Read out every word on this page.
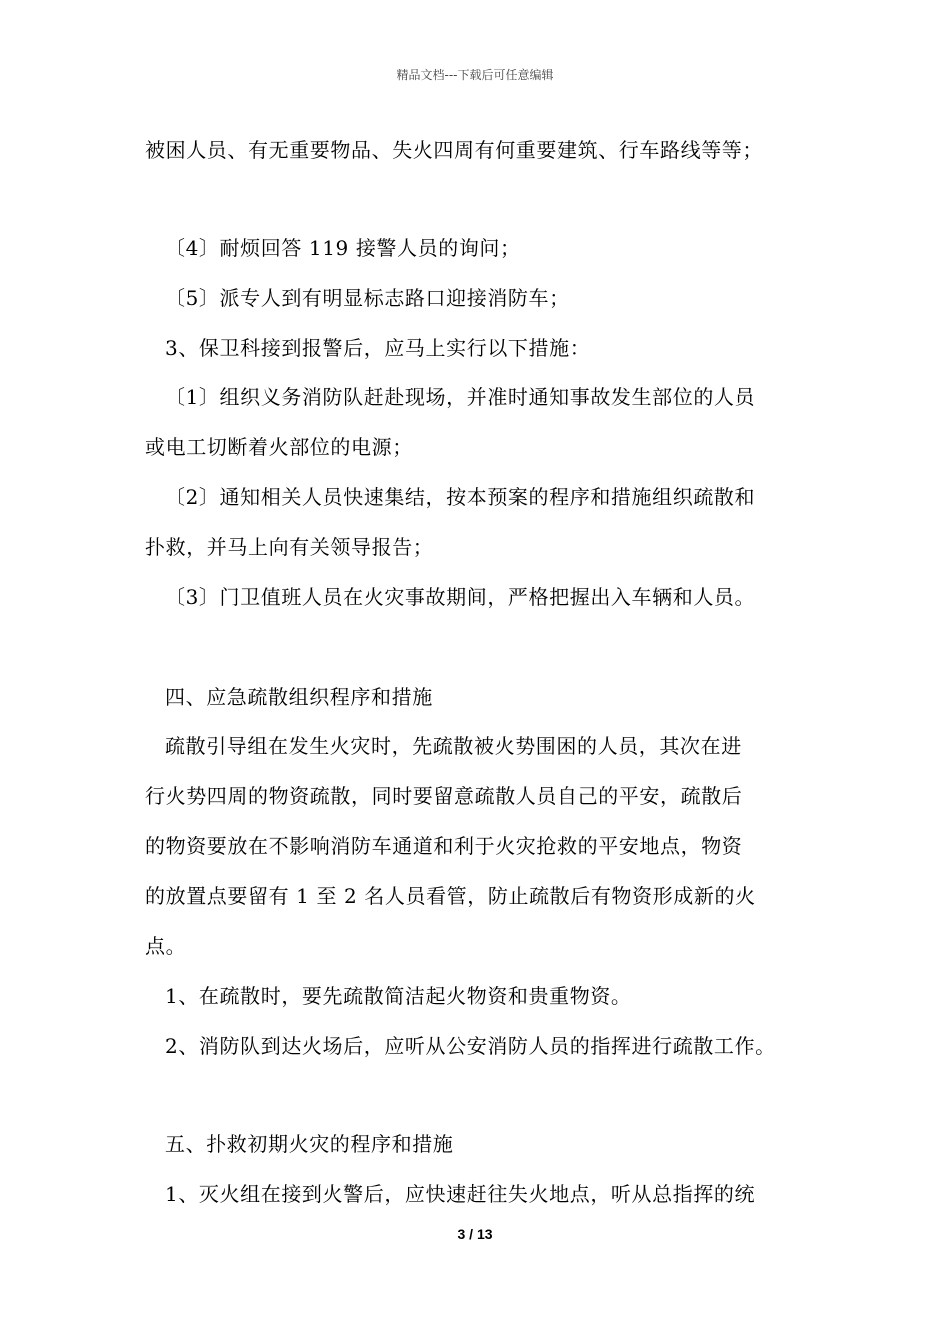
精品文档---下载后可任意编辑
被困人员、有无重要物品、失火四周有何重要建筑、行车路线等等；
〔4〕耐烦回答 119 接警人员的询问；
〔5〕派专人到有明显标志路口迎接消防车；
3、保卫科接到报警后，应马上实行以下措施：
〔1〕组织义务消防队赶赴现场，并准时通知事故发生部位的人员
或电工切断着火部位的电源；
〔2〕通知相关人员快速集结，按本预案的程序和措施组织疏散和
扑救，并马上向有关领导报告；
〔3〕门卫值班人员在火灾事故期间，严格把握出入车辆和人员。
四、应急疏散组织程序和措施
疏散引导组在发生火灾时，先疏散被火势围困的人员，其次在进
行火势四周的物资疏散，同时要留意疏散人员自己的平安，疏散后
的物资要放在不影响消防车通道和利于火灾抢救的平安地点，物资
的放置点要留有 1 至 2 名人员看管，防止疏散后有物资形成新的火
点。
1、在疏散时，要先疏散简洁起火物资和贵重物资。
2、消防队到达火场后，应听从公安消防人员的指挥进行疏散工作。
五、扑救初期火灾的程序和措施
1、灭火组在接到火警后，应快速赶往失火地点，听从总指挥的统
3 / 13
